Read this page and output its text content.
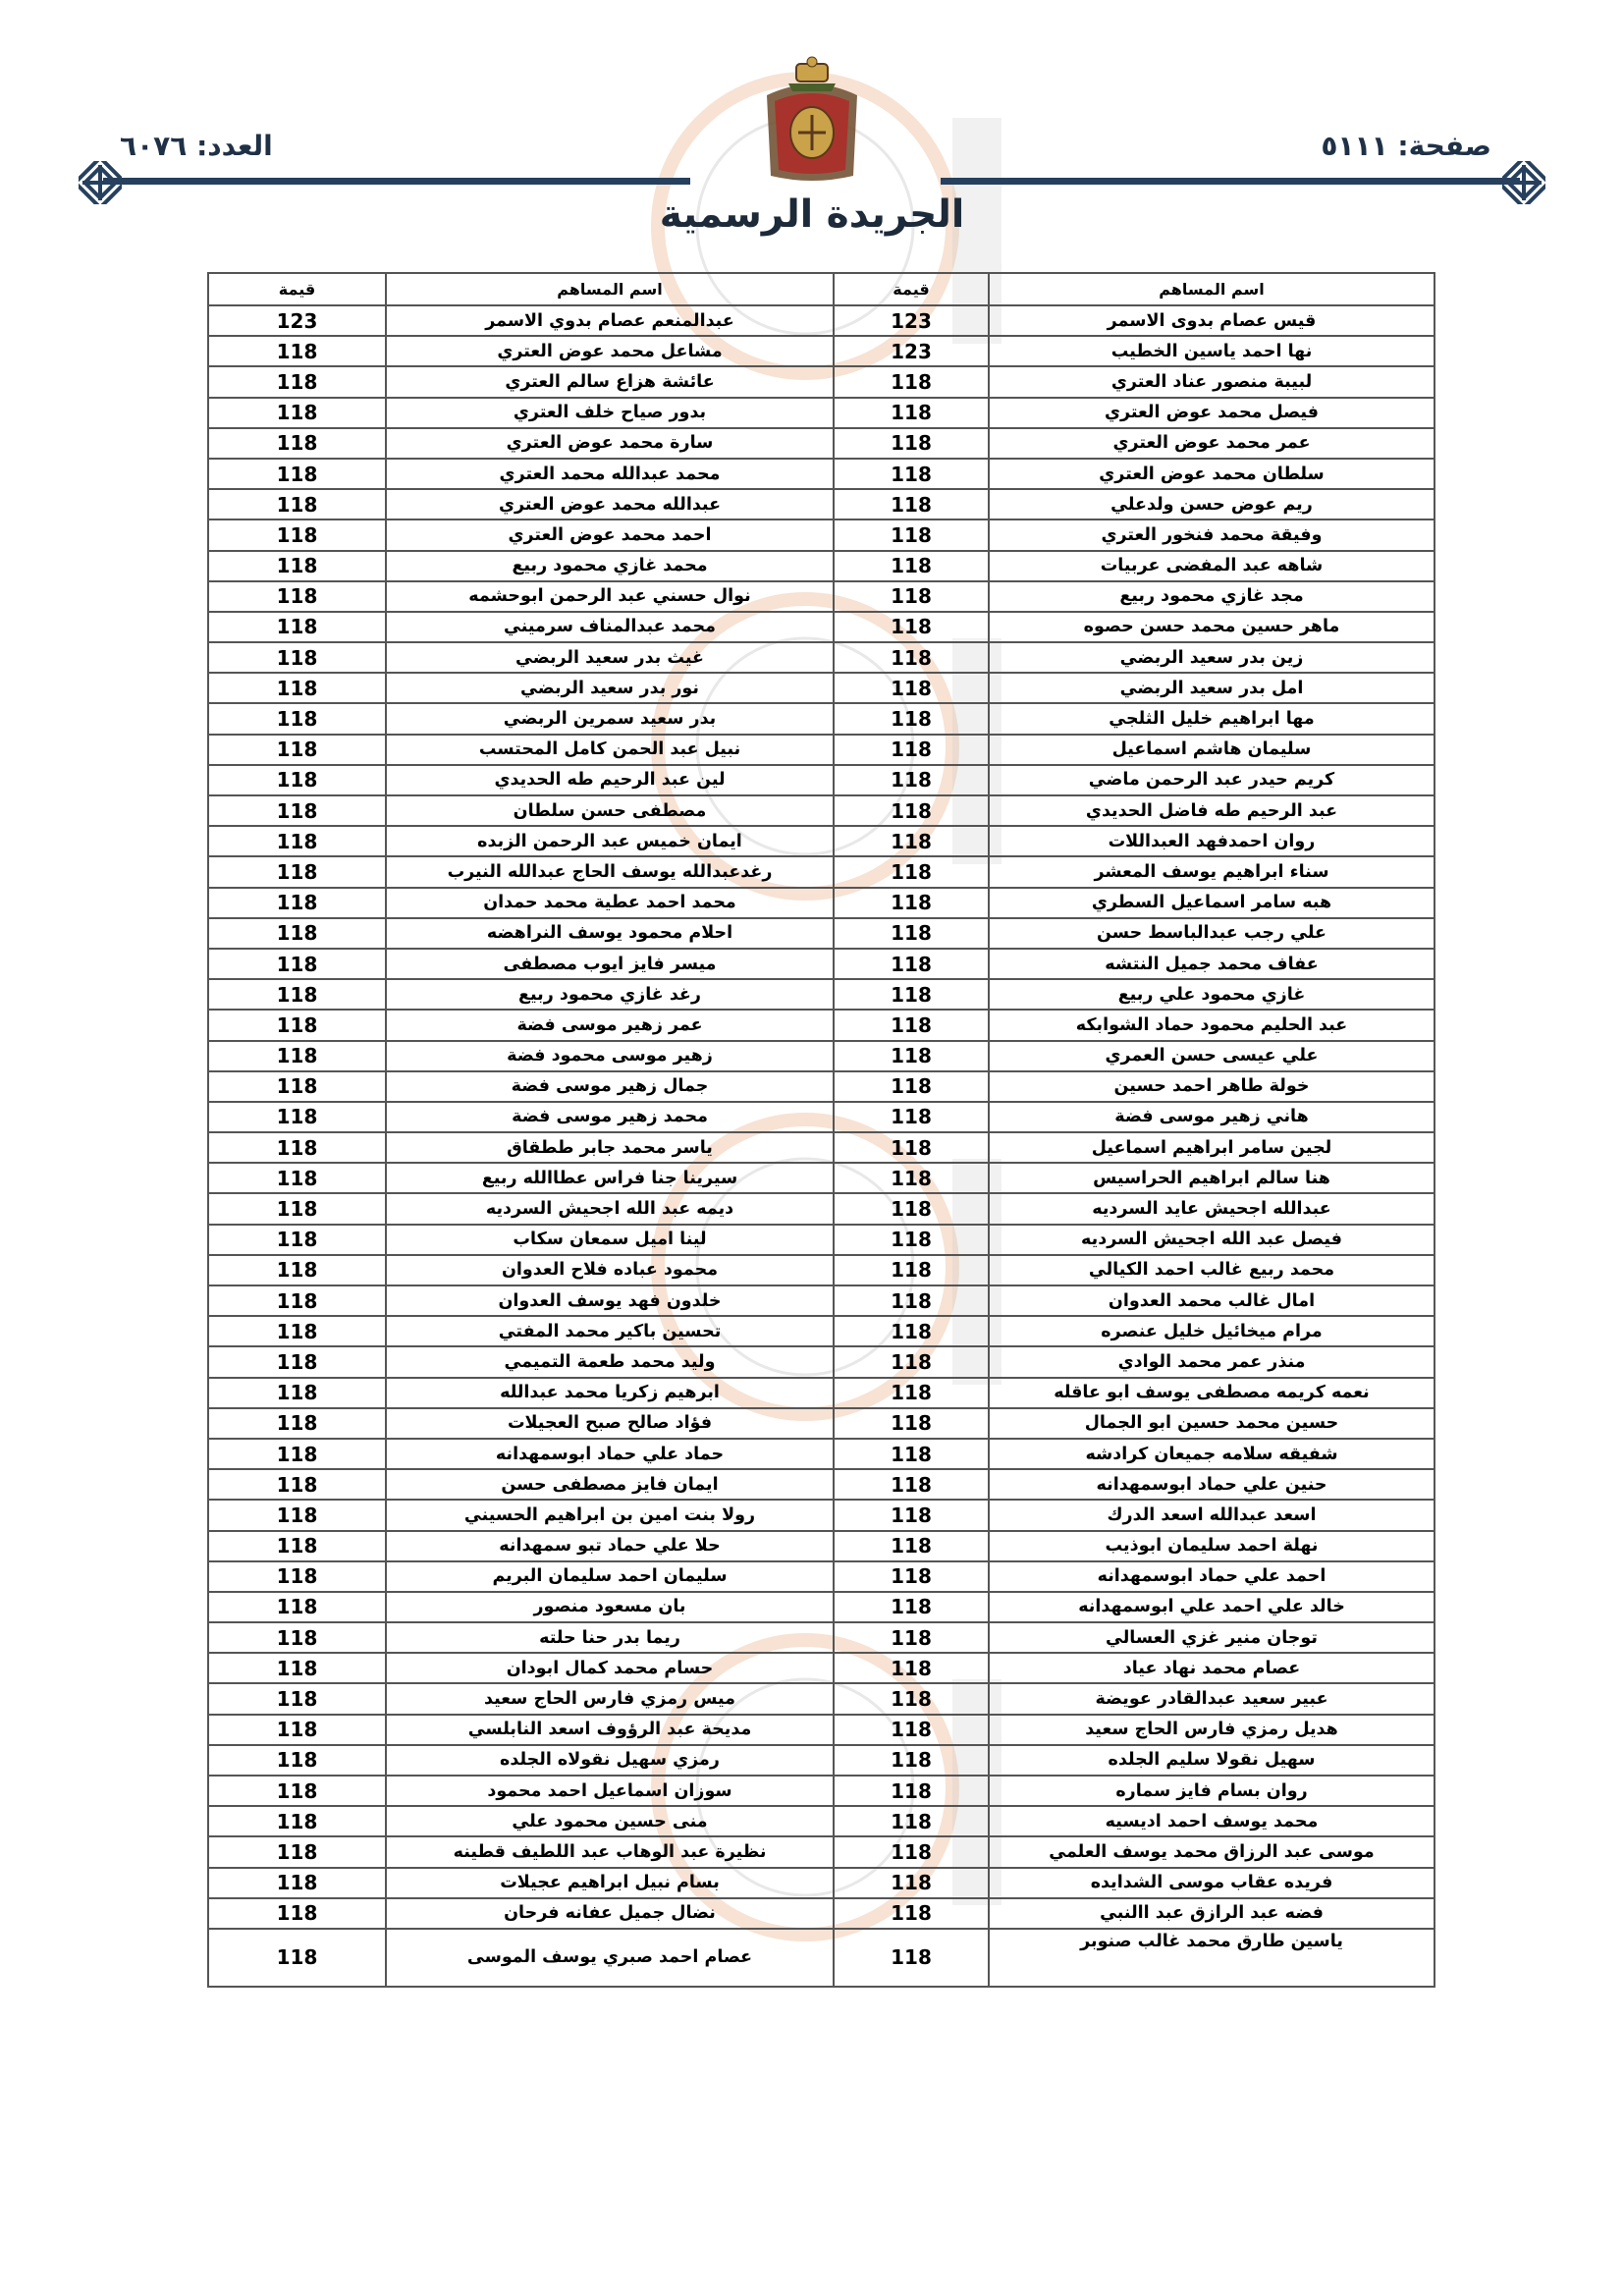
صفحة: ٥١١١
العدد: ٦٠٧٦
الجريدة الرسمية
قيمة	اسم المساهم	قيمة	اسم المساهم
123	عبدالمنعم عصام بدوي الاسمر	123	قيس عصام بدوى الاسمر
118	مشاعل محمد عوض العتري	123	نها احمد ياسين الخطيب
118	عائشة هزاع سالم العتري	118	لبيبة منصور عناد العتري
118	بدور صياح خلف العتري	118	فيصل محمد عوض العتري
118	سارة محمد عوض العتري	118	عمر محمد عوض العتري
118	محمد عبدالله محمد العتري	118	سلطان محمد عوض العتري
118	عبدالله محمد عوض العتري	118	ريم عوض حسن ولدعلي
118	احمد محمد عوض العتري	118	وفيقة محمد فنخور العتري
118	محمد غازي محمود ربيع	118	شاهه عبد المفضى عربيات
118	نوال حسني عبد الرحمن ابوحشمه	118	مجد غازي محمود ربيع
118	محمد عبدالمناف سرميني	118	ماهر حسين محمد حسن حصوه
118	غيث بدر سعيد الربضي	118	زين بدر سعيد الربضي
118	نور بدر سعيد الربضي	118	امل بدر سعيد الربضي
118	بدر سعيد سمرين الربضي	118	مها ابراهيم خليل الثلجي
118	نبيل عبد الحمن كامل المحتسب	118	سليمان هاشم اسماعيل
118	لين عبد الرحيم طه الحديدي	118	كريم حيدر عبد الرحمن ماضي
118	مصطفى حسن سلطان	118	عبد الرحيم طه فاضل الحديدي
118	ايمان خميس عبد الرحمن الزبده	118	روان احمدفهد العبداللات
118	رغدعبدالله يوسف الحاج عبدالله النيرب	118	سناء ابراهيم يوسف المعشر
118	محمد احمد عطية محمد حمدان	118	هبه سامر اسماعيل السطري
118	احلام محمود يوسف النراهضه	118	علي رجب عبدالباسط حسن
118	ميسر فايز ايوب مصطفى	118	عفاف محمد جميل النتشه
118	رغد غازي محمود ربيع	118	غازي محمود علي ربيع
118	عمر زهير موسى فضة	118	عبد الحليم محمود حماد الشوابكه
118	زهير موسى محمود فضة	118	علي عيسى حسن العمري
118	جمال زهير موسى فضة	118	خولة طاهر احمد حسين
118	محمد زهير موسى فضة	118	هاني زهير موسى فضة
118	ياسر محمد جابر ططقاق	118	لجين سامر ابراهيم اسماعيل
118	سيرينا جنا فراس عطاالله ربيع	118	هنا سالم ابراهيم الحراسيس
118	ديمه عبد الله اجحيش السرديه	118	عبدالله اجحيش عايد السرديه
118	لينا اميل سمعان سكاب	118	فيصل عبد الله اجحيش السرديه
118	محمود عباده فلاح العدوان	118	محمد ربيع غالب احمد الكيالي
118	خلدون فهد يوسف العدوان	118	امال غالب محمد العدوان
118	تحسين باكير محمد المفتي	118	مرام ميخائيل خليل عنصره
118	وليد محمد طعمة التميمي	118	منذر عمر محمد الوادي
118	ابرهيم زكريا محمد عبدالله	118	نعمه كريمه مصطفى يوسف ابو عاقله
118	فؤاد صالح صبح العجيلات	118	حسين محمد حسين ابو الجمال
118	حماد علي حماد ابوسمهدانه	118	شفيقه سلامه جميعان كرادشه
118	ايمان فايز مصطفى حسن	118	حنين علي حماد ابوسمهدانه
118	رولا بنت امين بن ابراهيم الحسيني	118	اسعد عبدالله اسعد الدرك
118	حلا علي حماد تبو سمهدانه	118	نهلة احمد سليمان ابوذيب
118	سليمان احمد سليمان البريم	118	احمد علي حماد ابوسمهدانه
118	بان مسعود منصور	118	خالد علي احمد علي ابوسمهدانه
118	ريما بدر حنا حلته	118	توجان منير غزي العسالي
118	حسام محمد كمال ابودان	118	عصام محمد نهاد عياد
118	ميس رمزي فارس الحاج سعيد	118	عبير سعيد عبدالقادر عويضة
118	مديحة عبد الرؤوف اسعد النابلسي	118	هديل رمزي فارس الحاج سعيد
118	رمزي سهيل نقولاه الجلده	118	سهيل نقولا سليم الجلده
118	سوزان اسماعيل احمد محمود	118	روان بسام فايز سماره
118	منى حسين محمود علي	118	محمد يوسف احمد اديسيه
118	نظيرة عبد الوهاب عبد اللطيف قطينه	118	موسى عبد الرزاق محمد يوسف العلمي
118	بسام نبيل ابراهيم عجيلات	118	فريده عقاب موسى الشدايده
118	نضال جميل عفانه فرحان	118	فضه عبد الرازق عبد االنبي
118	عصام احمد صبري يوسف الموسى	118	ياسين طارق محمد غالب صنوبر
